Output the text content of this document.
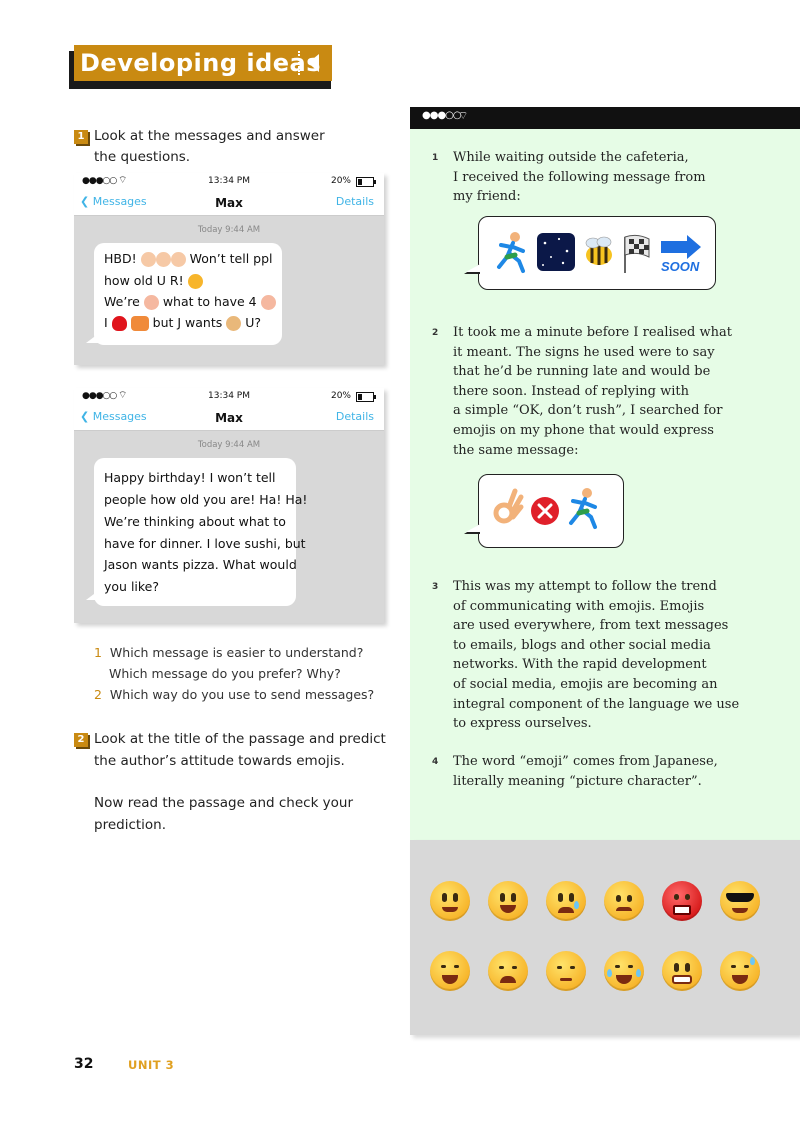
Developing ideas
1 Look at the messages and answer
the questions.
●●●○○ ⌔	13:34 PM	20%
❮ Messages	Max	Details
Today 9:44 AM
HBD!	Won’t tell ppl
how old U R!
We’re what to have 4
I	but J wants U?
●●●○○ ⌔	13:34 PM	20%
❮ Messages	Max	Details
Today 9:44 AM
Happy birthday! I won’t tell
people how old you are! Ha! Ha!
We’re thinking about what to
have for dinner. I love sushi, but
Jason wants pizza. What would
you like?
1 Which message is easier to understand?
Which message do you prefer? Why?
2 Which way do you use to send messages?
2 Look at the title of the passage and predict
the author’s attitude towards emojis.
Now read the passage and check your
prediction.
●●●○○
⌔
1 While waiting outside the cafeteria,
I received the following message from
my friend:
SOON
2 It took me a minute before I realised what
it meant. The signs he used were to say
that he’d be running late and would be
there soon. Instead of replying with
a simple “OK, don’t rush”, I searched for
emojis on my phone that would express
the same message:
3 This was my attempt to follow the trend
of communicating with emojis. Emojis
are used everywhere, from text messages
to emails, blogs and other social media
networks. With the rapid development
of social media, emojis are becoming an
integral component of the language we use
to express ourselves.
4 The word “emoji” comes from Japanese,
literally meaning “picture character”.
32	UNIT 3
